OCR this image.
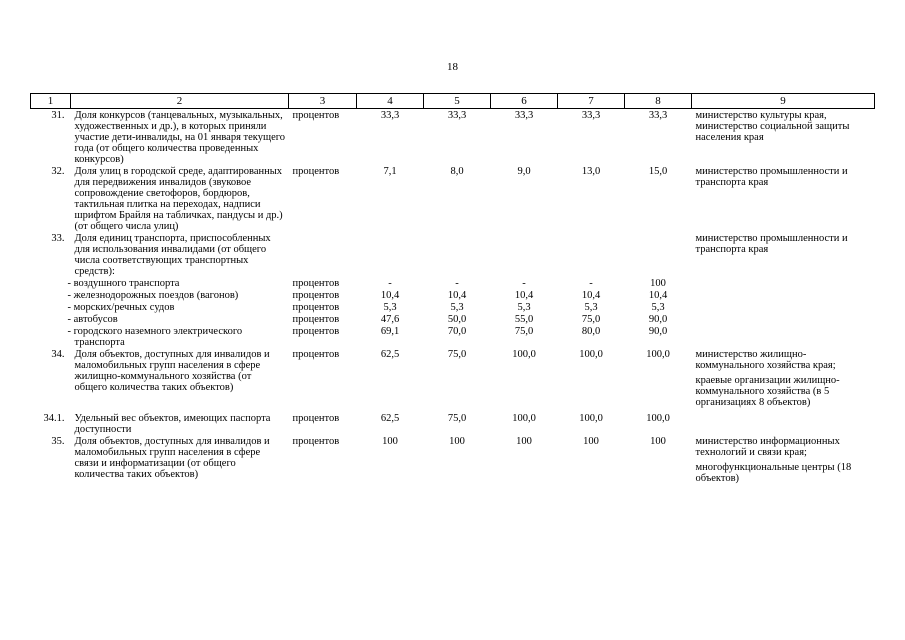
18
1	2	3	4	5	6	7	8	9
31.	Доля конкурсов (танцевальных, музыкальных, художественных и др.), в которых приняли участие дети-инвалиды, на 01 января текущего года (от общего количества проведенных конкурсов)	процентов	33,3	33,3	33,3	33,3	33,3	министерство культуры края, министерство социальной защиты населения края

32.	Доля улиц в городской среде, адаптированных для передвижения инвалидов (звуковое сопровождение светофоров, бордюров, тактильная плитка на переходах, надписи шрифтом Брайля на табличках, пандусы и др.) (от общего числа улиц)	процентов	7,1	8,0	9,0	13,0	15,0	министерство промышленности и транспорта края

33.	Доля единиц транспорта, приспособленных для использования инвалидами (от общего числа соответствующих транспортных средств):							министерство промышленности и транспорта края

	- воздушного транспорта	процентов	-	-	-	-	100	

	- железнодорожных поездов (вагонов)	процентов	10,4	10,4	10,4	10,4	10,4	

	- морских/речных судов	процентов	5,3	5,3	5,3	5,3	5,3	

	- автобусов	процентов	47,6	50,0	55,0	75,0	90,0	

	- городского наземного электрического транспорта	процентов	69,1	70,0	75,0	80,0	90,0	

34.	Доля объектов, доступных для инвалидов и маломобильных групп населения в сфере жилищно-коммунального хозяйства (от общего количества таких объектов)	процентов	62,5	75,0	100,0	100,0	100,0	министерство жилищно-коммунального хозяйства края;
краевые организации жилищно-коммунального хозяйства (в 5 организациях 8 объектов)

34.1.	Удельный вес объектов, имеющих паспорта доступности	процентов	62,5	75,0	100,0	100,0	100,0	

35.	Доля объектов, доступных для инвалидов и маломобильных групп населения в сфере связи и информатизации (от общего количества таких объектов)	процентов	100	100	100	100	100	министерство информационных технологий и связи края;
многофункциональные центры (18 объектов)
